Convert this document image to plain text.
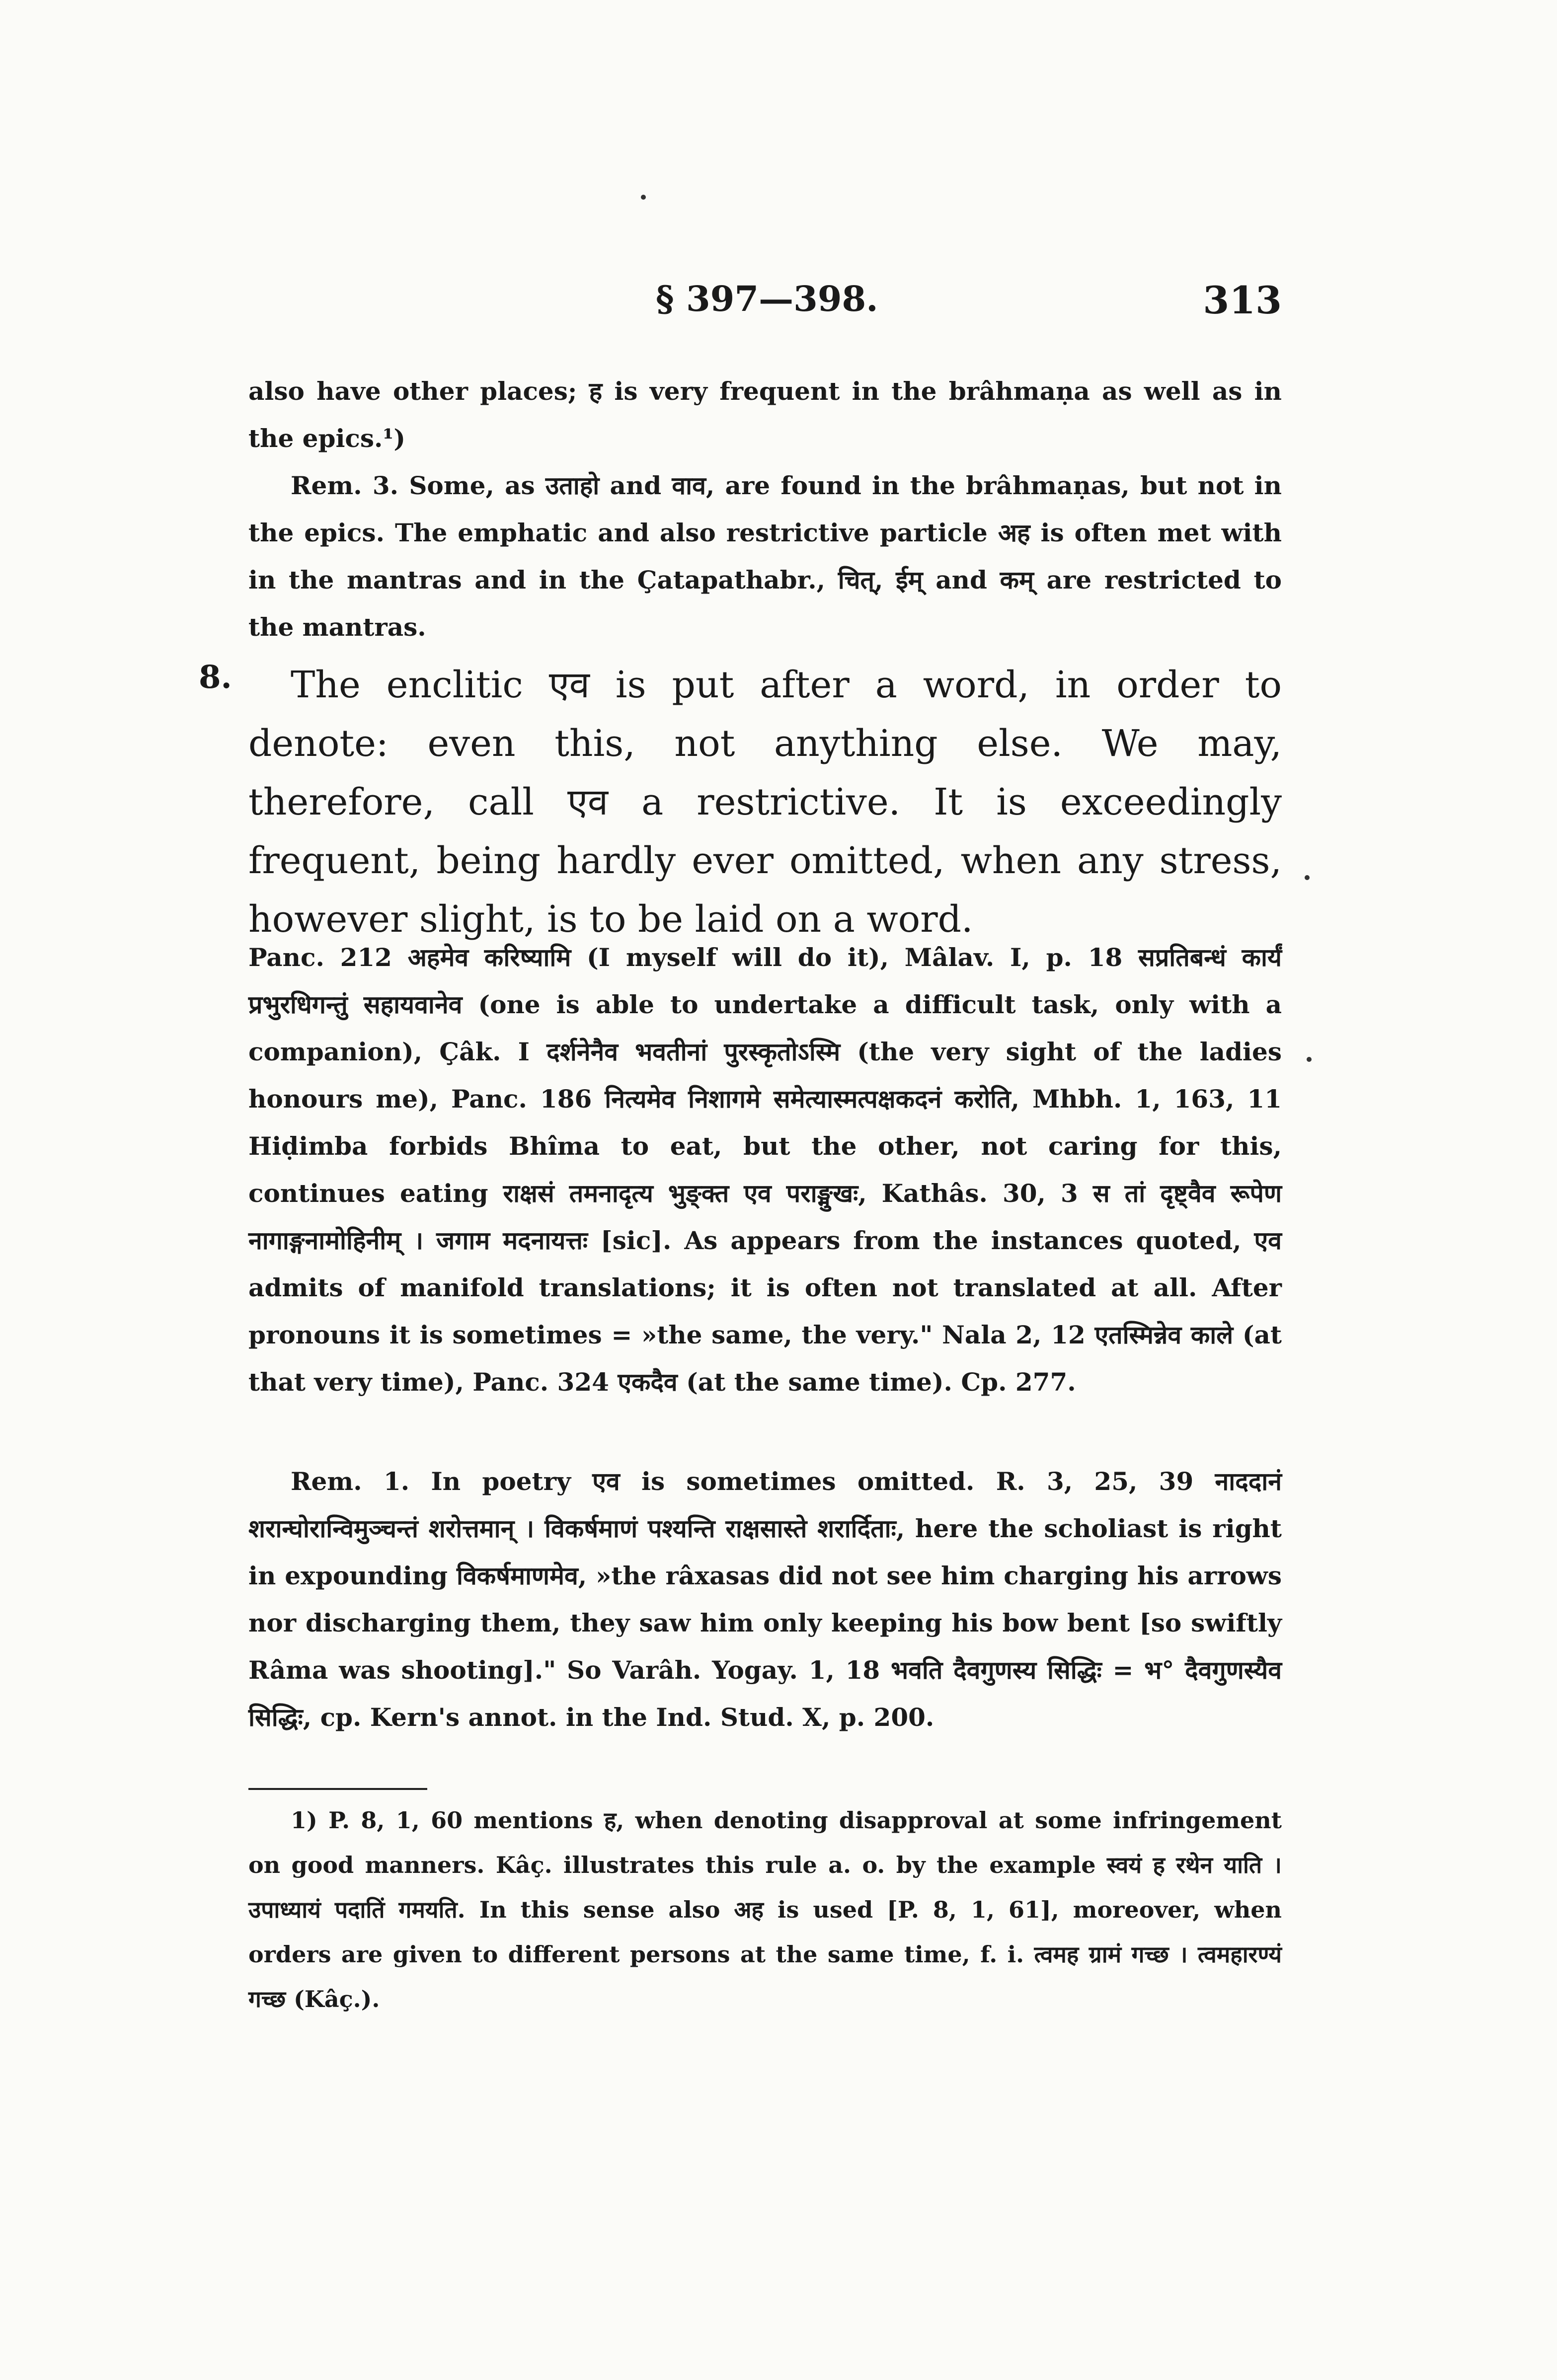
§ 397—398.	313

also have other places; ह is very frequent in the brâhmaṇa as well as in the epics.¹)

Rem. 3. Some, as उताहो and वाव, are found in the brâhmaṇas, but not in the epics. The emphatic and also restrictive particle अह is often met with in the mantras and in the Çatapathabr., चित्, ईम् and कम् are restricted to the mantras.

8.	The enclitic एव is put after a word, in order to denote: even this, not anything else. We may, therefore, call एव a restrictive. It is exceedingly frequent, being hardly ever omitted, when any stress, however slight, is to be laid on a word.

Panc. 212 अहमेव करिष्यामि (I myself will do it), Mâlav. I, p. 18 सप्रतिबन्धं कार्यं प्रभुरधिगन्तुं सहायवानेव (one is able to undertake a difficult task, only with a companion), Çâk. I दर्शनेनैव भवतीनां पुरस्कृतोऽस्मि (the very sight of the ladies honours me), Panc. 186 नित्यमेव निशागमे समेत्यास्मत्पक्षकदनं करोति, Mhbh. 1, 163, 11 Hiḍimba forbids Bhîma to eat, but the other, not caring for this, continues eating राक्षसं तमनादृत्य भुङ्क्त एव पराङ्मुखः, Kathâs. 30, 3 स तां दृष्ट्वैव रूपेण नागाङ्गनामोहिनीम् । जगाम मदनायत्तः [sic]. As appears from the instances quoted, एव admits of manifold translations; it is often not translated at all. After pronouns it is sometimes = »the same, the very." Nala 2, 12 एतस्मिन्नेव काले (at that very time), Panc. 324 एकदैव (at the same time). Cp. 277.

Rem. 1. In poetry एव is sometimes omitted. R. 3, 25, 39 नाददानं शरान्घोरान्विमुञ्चन्तं शरोत्तमान् । विकर्षमाणं पश्यन्ति राक्षसास्ते शरार्दिताः, here the scholiast is right in expounding विकर्षमाणमेव, »the râxasas did not see him charging his arrows nor discharging them, they saw him only keeping his bow bent [so swiftly Râma was shooting]." So Varâh. Yogay. 1, 18 भवति दैवगुणस्य सिद्धिः = भ° दैवगुणस्यैव सिद्धिः, cp. Kern's annot. in the Ind. Stud. X, p. 200.

1) P. 8, 1, 60 mentions ह, when denoting disapproval at some infringement on good manners. Kâç. illustrates this rule a. o. by the example स्वयं ह रथेन याति । उपाध्यायं पदातिं गमयति. In this sense also अह is used [P. 8, 1, 61], moreover, when orders are given to different persons at the same time, f. i. त्वमह ग्रामं गच्छ । त्वमहारण्यं गच्छ (Kâç.).
